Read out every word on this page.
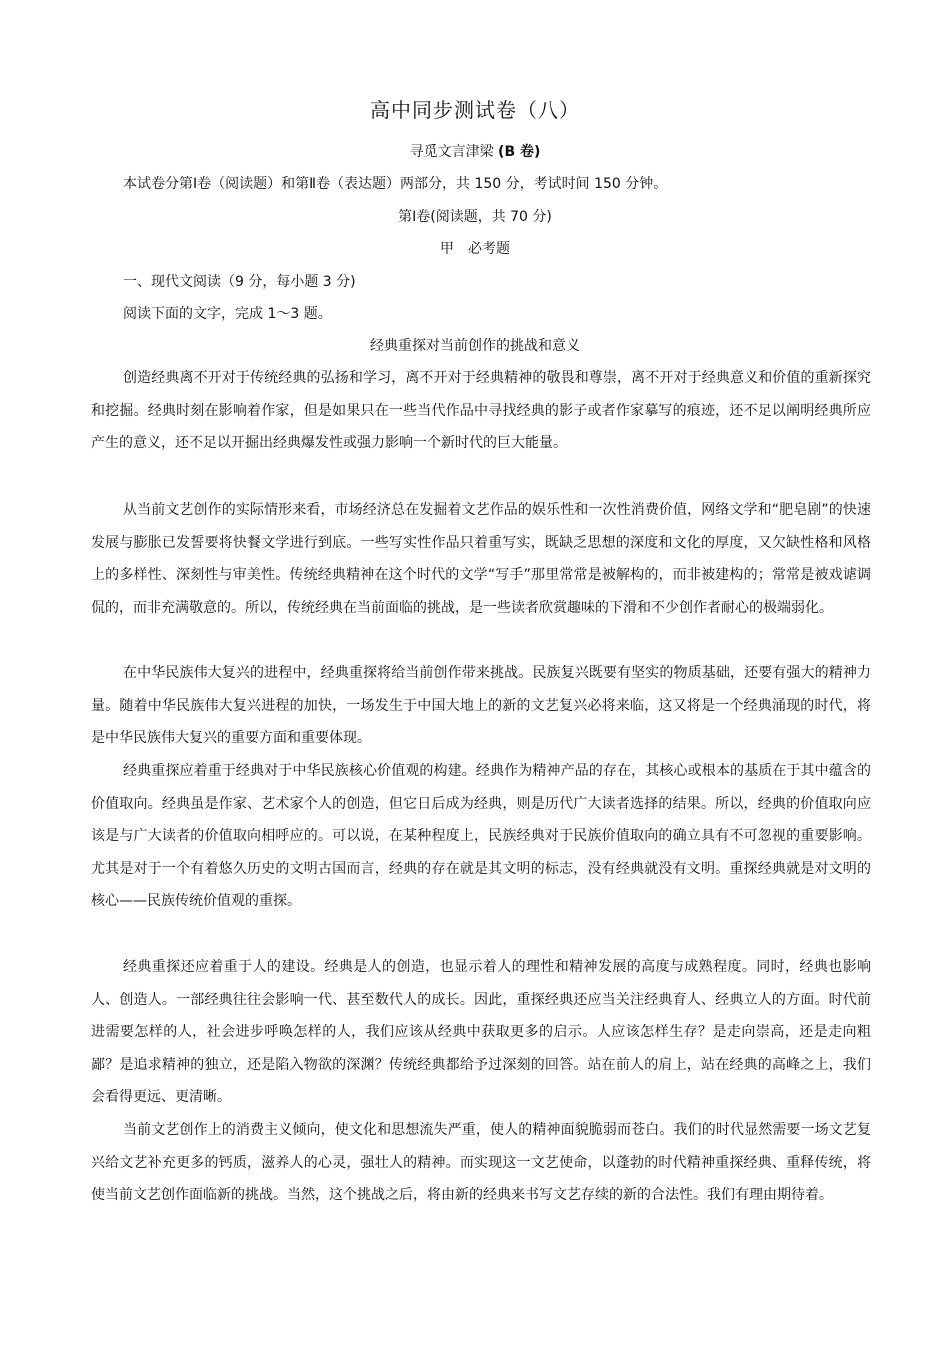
高中同步测试卷（八）
寻觅文言津梁 (B 卷)
本试卷分第Ⅰ卷（阅读题）和第Ⅱ卷（表达题）两部分，共 150 分，考试时间 150 分钟。
第Ⅰ卷(阅读题，共 70 分)
甲　必考题
一、现代文阅读（9 分，每小题 3 分)
阅读下面的文字，完成 1～3 题。
经典重探对当前创作的挑战和意义
创造经典离不开对于传统经典的弘扬和学习，离不开对于经典精神的敬畏和尊崇，离不开对于经典意义和价值的重新探究和挖掘。经典时刻在影响着作家，但是如果只在一些当代作品中寻找经典的影子或者作家摹写的痕迹，还不足以阐明经典所应产生的意义，还不足以开掘出经典爆发性或强力影响一个新时代的巨大能量。
从当前文艺创作的实际情形来看，市场经济总在发掘着文艺作品的娱乐性和一次性消费价值，网络文学和“肥皂剧”的快速发展与膨胀已发誓要将快餐文学进行到底。一些写实性作品只着重写实，既缺乏思想的深度和文化的厚度，又欠缺性格和风格上的多样性、深刻性与审美性。传统经典精神在这个时代的文学“写手”那里常常是被解构的，而非被建构的；常常是被戏谑调侃的，而非充满敬意的。所以，传统经典在当前面临的挑战，是一些读者欣赏趣味的下滑和不少创作者耐心的极端弱化。
在中华民族伟大复兴的进程中，经典重探将给当前创作带来挑战。民族复兴既要有坚实的物质基础，还要有强大的精神力量。随着中华民族伟大复兴进程的加快，一场发生于中国大地上的新的文艺复兴必将来临，这又将是一个经典涌现的时代，将是中华民族伟大复兴的重要方面和重要体现。
经典重探应着重于经典对于中华民族核心价值观的构建。经典作为精神产品的存在，其核心或根本的基质在于其中蕴含的价值取向。经典虽是作家、艺术家个人的创造，但它日后成为经典，则是历代广大读者选择的结果。所以，经典的价值取向应该是与广大读者的价值取向相呼应的。可以说，在某种程度上，民族经典对于民族价值取向的确立具有不可忽视的重要影响。尤其是对于一个有着悠久历史的文明古国而言，经典的存在就是其文明的标志，没有经典就没有文明。重探经典就是对文明的核心——民族传统价值观的重探。
经典重探还应着重于人的建设。经典是人的创造，也显示着人的理性和精神发展的高度与成熟程度。同时，经典也影响人、创造人。一部经典往往会影响一代、甚至数代人的成长。因此，重探经典还应当关注经典育人、经典立人的方面。时代前进需要怎样的人，社会进步呼唤怎样的人，我们应该从经典中获取更多的启示。人应该怎样生存？是走向崇高，还是走向粗鄙？是追求精神的独立，还是陷入物欲的深渊？传统经典都给予过深刻的回答。站在前人的肩上，站在经典的高峰之上，我们会看得更远、更清晰。
当前文艺创作上的消费主义倾向，使文化和思想流失严重，使人的精神面貌脆弱而苍白。我们的时代显然需要一场文艺复兴给文艺补充更多的钙质，滋养人的心灵，强壮人的精神。而实现这一文艺使命，以蓬勃的时代精神重探经典、重释传统，将使当前文艺创作面临新的挑战。当然，这个挑战之后，将由新的经典来书写文艺存续的新的合法性。我们有理由期待着。
